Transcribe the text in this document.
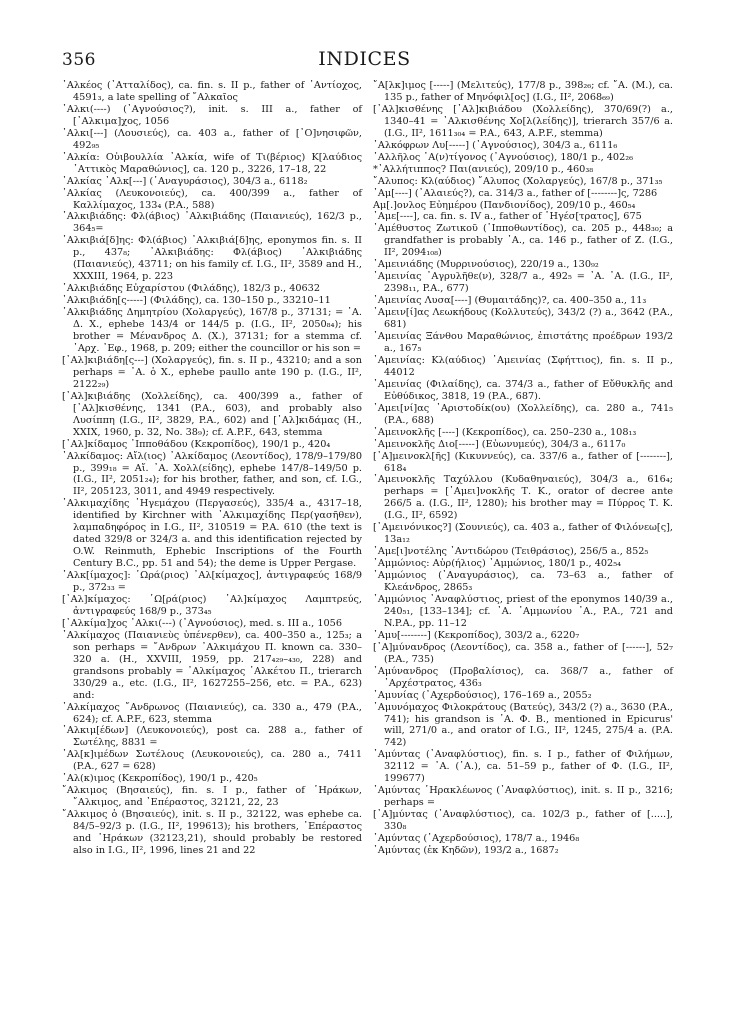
356	INDICES

᾿Αλκέος (᾿Ατταλίδος), ca. fin. s. II p., father of ᾿Αντίοχος, 4591₃, a late spelling of ῎Αλκαῖος

᾿Αλκι(----) (᾿Αγνούσιος?), init. s. III a., father of [᾿Αλκιμα]χος, 1056

᾿Αλκι[---] (Λουσιεύς), ca. 403 a., father of [᾿Ο]νησιφῶν, 492₉₅

᾿Αλκία: Οὐιβουλλία ᾿Αλκία, wife of Τι(βέριος) Κ[λαύδιος ᾿Αττικὸς Μαραθώνιος], ca. 120 p., 3226, 17–18, 22

᾿Αλκίας ᾿Αλκ[---] (᾿Αναγυράσιος), 304/3 a., 6118₂

᾿Αλκίας (Λευκονοιεύς), ca. 400/399 a., father of Καλλίμαχος, 133₄ (P.A., 588)

᾿Αλκιβιάδης: Φλ(άβιος) ᾿Αλκιβιάδης (Παιανιεύς), 162/3 p., 364₅=

᾿Αλκιβιά[δ]ης: Φλ(άβιος) ᾿Αλκιβιά[δ]ης, eponymos fin. s. II p., 437₈; ᾿Αλκιβιάδης: Φλ(άβιος) ᾿Αλκιβιάδης (Παιανιεύς), 43711; on his family cf. I.G., II², 3589 and H., XXXIII, 1964, p. 223

᾿Αλκιβιάδης Εὐχαρίστου (Φιλάδης), 182/3 p., 40632

᾿Αλκιβιάδη[ς-----] (Φιλάδης), ca. 130–150 p., 33210–11

᾿Αλκιβιάδης Δημητρίου (Χολαργεύς), 167/8 p., 37131; = ᾿Α. Δ. Χ., ephebe 143/4 or 144/5 p. (I.G., II², 2050₈₄); his brother = Μένανδρος Δ. (Χ.), 37131; for a stemma cf. ᾿Αρχ. ᾿Εφ., 1968, p. 209; either the councillor or his son =

[᾿Αλ]κιβιάδη[ς---] (Χολαργεύς), fin. s. II p., 43210; and a son perhaps = ᾿Α. ὁ Χ., ephebe paullo ante 190 p. (I.G., II², 2122₂₉)

[᾿Αλ]κιβιάδης (Χολλείδης), ca. 400/399 a., father of [᾿Αλ]κισθένης, 1341 (P.A., 603), and probably also Λυσίππη (I.G., II², 3829, P.A., 602) and [᾿Αλ]κιδάμας (H., XXIX, 1960, p. 32, No. 38₉); cf. A.P.F., 643, stemma

[᾿Αλ]κίδαμος ᾿Ιπποθάδου (Κεκροπίδος), 190/1 p., 420₄

᾿Αλκίδαμος: Αἴλ(ιος) ᾿Αλκίδαμος (Λεοντίδος), 178/9–179/80 p., 399₁₈ = Αἴ. ᾿Α. Χολλ(είδης), ephebe 147/8–149/50 p. (I.G., II², 2051₂₄); for his brother, father, and son, cf. I.G., II², 205123, 3011, and 4949 respectively.

᾿Αλκιμαχίδης ῾Ηγεμάχου (Περγασεύς), 335/4 a., 4317–18, identified by Kirchner with ᾿Αλκιμαχίδης Περ(γασῆθεν), λαμπαδηφόρος in I.G., II², 310519 = P.A. 610 (the text is dated 329/8 or 324/3 a. and this identification rejected by O.W. Reinmuth, Ephebic Inscriptions of the Fourth Century B.C., pp. 51 and 54); the deme is Upper Pergase.

᾿Αλκ[ίμαχος]: ῾Ωρά(ριος) ᾿Αλ[κίμαχος], ἀντιγραφεύς 168/9 p., 372₃₃ =

[᾿Αλ]κίμαχος: ῾Ω[ρά(ριος) ᾿Αλ]κίμαχος Λαμπτρεύς, ἀντιγραφεύς 168/9 p., 373₄₅

[᾿Αλκίμα]χος ᾿Αλκι(---) (᾿Αγνούσιος), med. s. III a., 1056

᾿Αλκίμαχος (Παιανιεὺς ὑπένερθεν), ca. 400–350 a., 125₃; a son perhaps = ῎Ανδρων ᾿Αλκιμάχου Π. known ca. 330–320 a. (H., XXVIII, 1959, pp. 217₄₂₉–₄₃₀, 228) and grandsons probably = ᾿Αλκίμαχος ᾿Αλκέτου Π., trierarch 330/29 a., etc. (I.G., II², 1627255–256, etc. = P.A., 623) and:

᾿Αλκίμαχος ῎Ανδρωνος (Παιανιεύς), ca. 330 a., 479 (P.A., 624); cf. A.P.F., 623, stemma

᾿Αλκιμ[έδων] (Λευκονοιεύς), post ca. 288 a., father of Σωτέλης, 8831 =

᾿Αλ[κ]ιμέδων Σωτέλους (Λευκονοιεύς), ca. 280 a., 7411 (P.A., 627 = 628)

᾿Αλ(κ)ιμος (Κεκροπίδος), 190/1 p., 420₅

῎Αλκιμος (Βησαιεύς), fin. s. I p., father of ῾Ηράκων, ῎Αλκιμος, and ᾿Επέραστος, 32121, 22, 23

῎Αλκιμος ὁ (Βησαιεύς), init. s. II p., 32122, was ephebe ca. 84/5–92/3 p. (I.G., II², 199613); his brothers, ᾿Επέραστος and ῾Ηράκων (32123,21), should probably be restored also in I.G., II², 1996, lines 21 and 22

῎Α[λκ]ιμος [-----] (Μελιτεύς), 177/8 p., 398₂₆; cf. ῎Α. (Μ.), ca. 135 p., father of Μηνόφιλ[ος] (I.G., II², 2068₆₉)

[᾿Αλ]κισθένης [᾿Αλ]κιβιάδου (Χολλείδης), 370/69(?) a., 1340–41 = ᾿Αλκισθένης Χο[λ(λείδης)], trierarch 357/6 a. (I.G., II², 1611₃₀₄ = P.A., 643, A.P.F., stemma)

᾿Αλκόφρων Λυ[-----] (᾿Αγνούσιος), 304/3 a., 6111₆

᾿Αλλῆλος ᾿Α(ν)τίγονος (᾿Αγνούσιος), 180/1 p., 402₂₆

*᾿Αλλήτιππος? Παι(ανιεύς), 209/10 p., 460₃₈

῎Αλυπος: Κλ(αύδιος) ῎Αλυπος (Χολαργεύς), 167/8 p., 371₃₅

᾿Αμ[----] (᾿Αλαιεύς?), ca. 314/3 a., father of [--------]ς, 7286

Αμ[.]ονλος Εὐημέρου (Πανδιονίδος), 209/10 p., 460₅₄

᾿Αμε[----], ca. fin. s. IV a., father of ῾Ηγέσ[τρατος], 675

᾿Αμέθυστος Ζωτικοῦ (῾Ιπποθωντίδος), ca. 205 p., 448₃₀; a grandfather is probably ᾿Α., ca. 146 p., father of Ζ. (I.G., II², 2094₁₀₈)

᾿Αμεινιάδης (Μυρρινούσιος), 220/19 a., 130₉₂

᾿Αμεινίας ᾿Αγρυλῆθε(ν), 328/7 a., 492₅ = ᾿Α. ᾿Α. (I.G., II², 2398₁₁, P.A., 677)

᾿Αμεινίας Λυσα[----] (Θυμαιτάδης)?, ca. 400–350 a., 11₃

᾿Αμειν[ί]ας Λεωκήδους (Κολλυτεύς), 343/2 (?) a., 3642 (P.A., 681)

᾿Αμεινίας Ξάνθου Μαραθώνιος, ἐπιστάτης προέδρων 193/2 a., 167₅

᾿Αμεινίας: Κλ(αύδιος) ᾿Αμεινίας (Σφήττιος), fin. s. II p., 44012

᾿Αμεινίας (Φιλαίδης), ca. 374/3 a., father of Εὔθυκλῆς and Εὐθύδικος, 3818, 19 (P.A., 687).

᾿Αμει[νί]ας ᾿Αριστοδίκ(ου) (Χολλείδης), ca. 280 a., 741₅ (P.A., 688)

᾿Αμεινοκλῆς [----] (Κεκροπίδος), ca. 250–230 a., 108₁₃

᾿Αμεινοκλῆς Διο[-----] (Εὐωνυμεύς), 304/3 a., 6117₀

[᾿Α]μεινοκλ[ῆς] (Κικυννεύς), ca. 337/6 a., father of [--------], 618₄

᾿Αμεινοκλῆς Ταχύλλου (Κυδαθηναιεύς), 304/3 a., 616₄; perhaps = [᾿Αμει]νοκλῆς Τ. Κ., orator of decree ante 266/5 a. (I.G., II², 1280); his brother may = Πύρρος Τ. Κ. (I.G., II², 6592)

[᾿Αμεινόνικος?] (Σουνιεύς), ca. 403 a., father of Φιλόνεω[ς], 13a₁₂

᾿Αμε[ι]νοτέλης ᾿Αντιδώρου (Τειθράσιος), 256/5 a., 852₅

᾿Αμμώνιος: Αὐρ(ήλιος) ᾿Αμμώνιος, 180/1 p., 402₅₄

᾿Αμμώνιος (᾿Αναγυράσιος), ca. 73–63 a., father of Κλεάνδρος, 2865₃

᾿Αμμώνιος ᾿Αναφλύστιος, priest of the eponymos 140/39 a., 240₅₁, [133–134]; cf. ᾿Α. ᾿Αμμωνίου ᾿Α., P.A., 721 and N.P.A., pp. 11–12

᾿Αμυ[--------] (Κεκροπίδος), 303/2 a., 6220₇

[᾿Α]μύνανδρος (Λεοντίδος), ca. 358 a., father of [------], 52₇ (P.A., 735)

᾿Αμύνανδρος (Προβαλίσιος), ca. 368/7 a., father of ᾿Αρχέστρατος, 436₃

᾿Αμυνίας (᾿Αχερδούσιος), 176–169 a., 2055₂

᾿Αμυνόμαχος Φιλοκράτους (Βατεύς), 343/2 (?) a., 3630 (P.A., 741); his grandson is ᾿Α. Φ. Β., mentioned in Epicurus' will, 271/0 a., and orator of I.G., II², 1245, 275/4 a. (P.A. 742)

᾿Αμύντας (᾿Αναφλύστιος), fin. s. I p., father of Φιλήμων, 32112 = ᾿Α. (᾿Α.), ca. 51–59 p., father of Φ. (I.G., II², 199677)

᾿Αμύντας ῾Ηρακλέωνος (᾿Αναφλύστιος), init. s. II p., 3216; perhaps =

[᾿Α]μύντας (᾿Αναφλύστιος), ca. 102/3 p., father of [.....], 330₈

᾿Αμύντας (᾿Αχερδούσιος), 178/7 a., 1946₈

᾿Αμύντας (ἐκ Κηδῶν), 193/2 a., 1687₂
